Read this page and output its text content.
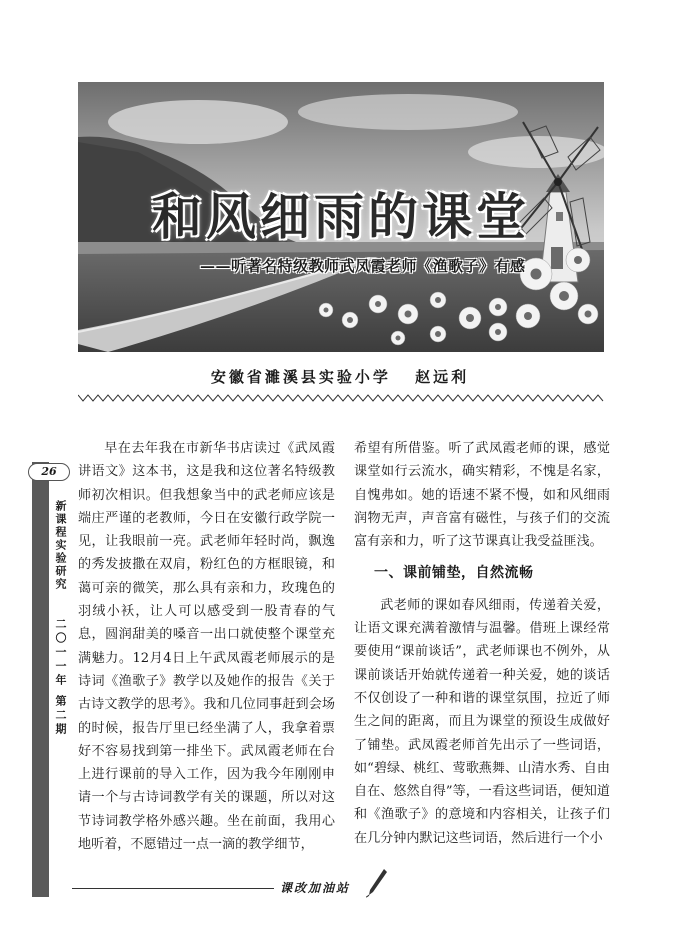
和风细雨的课堂
——听著名特级教师武凤霞老师《渔歌子》有感
安徽省濉溪县实验小学 赵远利
26
新课程实验研究
二〇一一年 第二期

早在去年我在市新华书店读过《武凤霞讲语文》这本书，这是我和这位著名特级教师初次相识。但我想象当中的武老师应该是端庄严谨的老教师，今日在安徽行政学院一见，让我眼前一亮。武老师年轻时尚，飘逸的秀发披撒在双肩，粉红色的方框眼镜，和蔼可亲的微笑，那么具有亲和力，玫瑰色的羽绒小袄，让人可以感受到一股青春的气息，圆润甜美的嗓音一出口就使整个课堂充满魅力。12月4日上午武凤霞老师展示的是诗词《渔歌子》教学以及她作的报告《关于古诗文教学的思考》。我和几位同事赶到会场的时候，报告厅里已经坐满了人，我拿着票好不容易找到第一排坐下。武凤霞老师在台上进行课前的导入工作，因为我今年刚刚申请一个与古诗词教学有关的课题，所以对这节诗词教学格外感兴趣。坐在前面，我用心地听着，不愿错过一点一滴的教学细节，

希望有所借鉴。听了武凤霞老师的课，感觉课堂如行云流水，确实精彩，不愧是名家，自愧弗如。她的语速不紧不慢，如和风细雨润物无声，声音富有磁性，与孩子们的交流富有亲和力，听了这节课真让我受益匪浅。

一、课前铺垫，自然流畅

武老师的课如春风细雨，传递着关爱，让语文课充满着激情与温馨。借班上课经常要使用“课前谈话”，武老师课也不例外，从课前谈话开始就传递着一种关爱，她的谈话不仅创设了一种和谐的课堂氛围，拉近了师生之间的距离，而且为课堂的预设生成做好了铺垫。武凤霞老师首先出示了一些词语，如“碧绿、桃红、莺歌燕舞、山清水秀、自由自在、悠然自得”等，一看这些词语，便知道和《渔歌子》的意境和内容相关，让孩子们在几分钟内默记这些词语，然后进行一个小

课改加油站
